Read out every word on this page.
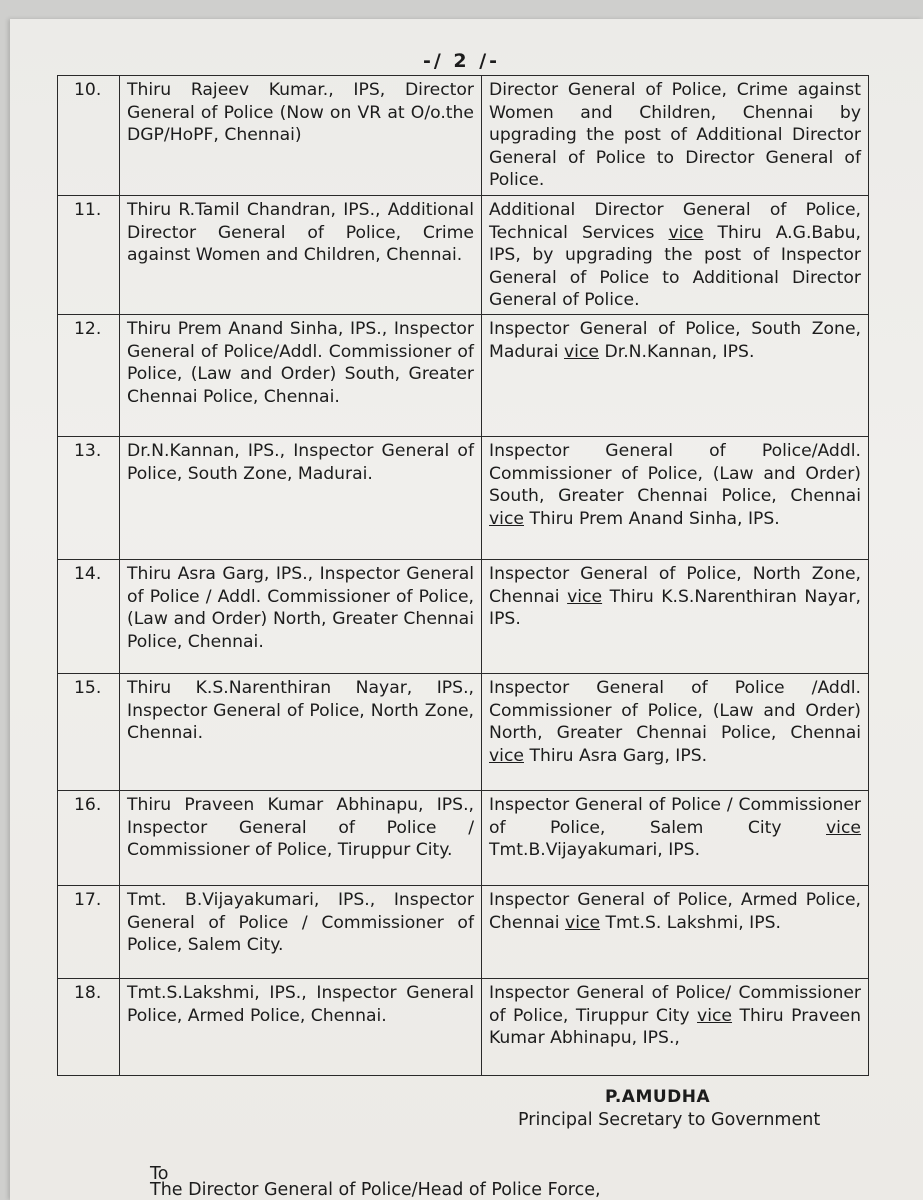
-/ 2 /-
10.	Thiru Rajeev Kumar., IPS, Director General of Police (Now on VR at O/o.the DGP/HoPF, Chennai)	Director General of Police, Crime against Women and Children, Chennai by upgrading the post of Additional Director General of Police to Director General of Police.
11.	Thiru R.Tamil Chandran, IPS., Additional Director General of Police, Crime against Women and Children, Chennai.	Additional Director General of Police, Technical Services vice Thiru A.G.Babu, IPS, by upgrading the post of Inspector General of Police to Additional Director General of Police.
12.	Thiru Prem Anand Sinha, IPS., Inspector General of Police/Addl. Commissioner of Police, (Law and Order) South, Greater Chennai Police, Chennai.	Inspector General of Police, South Zone, Madurai vice Dr.N.Kannan, IPS.
13.	Dr.N.Kannan, IPS., Inspector General of Police, South Zone, Madurai.	Inspector General of Police/Addl. Commissioner of Police, (Law and Order) South, Greater Chennai Police, Chennai vice Thiru Prem Anand Sinha, IPS.
14.	Thiru Asra Garg, IPS., Inspector General of Police / Addl. Commissioner of Police, (Law and Order) North, Greater Chennai Police, Chennai.	Inspector General of Police, North Zone, Chennai vice Thiru K.S.Narenthiran Nayar, IPS.
15.	Thiru K.S.Narenthiran Nayar, IPS., Inspector General of Police, North Zone, Chennai.	Inspector General of Police /Addl. Commissioner of Police, (Law and Order) North, Greater Chennai Police, Chennai vice Thiru Asra Garg, IPS.
16.	Thiru Praveen Kumar Abhinapu, IPS., Inspector General of Police / Commissioner of Police, Tiruppur City.	Inspector General of Police / Commissioner of Police, Salem City vice Tmt.B.Vijayakumari, IPS.
17.	Tmt. B.Vijayakumari, IPS., Inspector General of Police / Commissioner of Police, Salem City.	Inspector General of Police, Armed Police, Chennai vice Tmt.S. Lakshmi, IPS.
18.	Tmt.S.Lakshmi, IPS., Inspector General Police, Armed Police, Chennai.	Inspector General of Police/ Commissioner of Police, Tiruppur City vice Thiru Praveen Kumar Abhinapu, IPS.,
P.AMUDHA
Principal Secretary to Government
To
The Director General of Police/Head of Police Force,
